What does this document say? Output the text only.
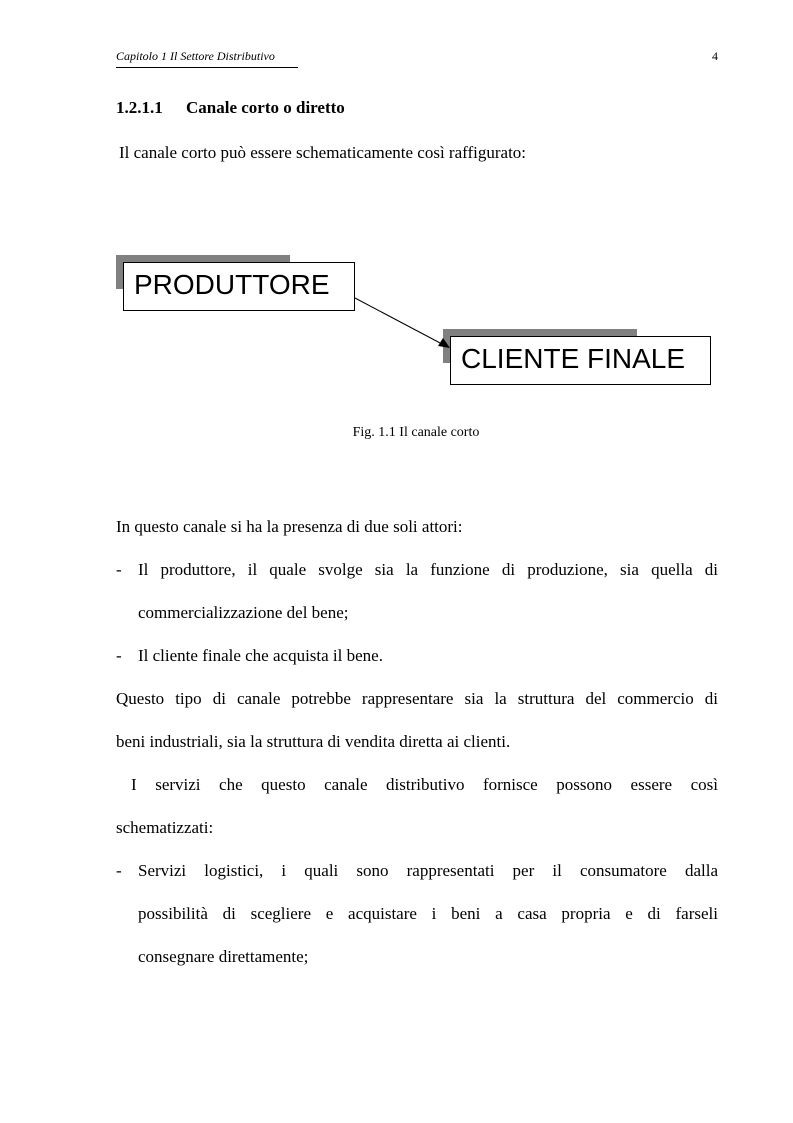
Capitolo 1 Il Settore Distributivo	4
1.2.1.1 Canale corto o diretto
Il canale corto può essere schematicamente così raffigurato:
PRODUTTORE
CLIENTE FINALE
Fig. 1.1 Il canale corto
In questo canale si ha la presenza di due soli attori:
- Il produttore, il quale svolge sia la funzione di produzione, sia quella di
commercializzazione del bene;
- Il cliente finale che acquista il bene.
Questo tipo di canale potrebbe rappresentare sia la struttura del commercio di
beni industriali, sia la struttura di vendita diretta ai clienti.
I servizi che questo canale distributivo fornisce possono essere così
schematizzati:
- Servizi logistici, i quali sono rappresentati per il consumatore dalla
possibilità di scegliere e acquistare i beni a casa propria e di farseli
consegnare direttamente;
